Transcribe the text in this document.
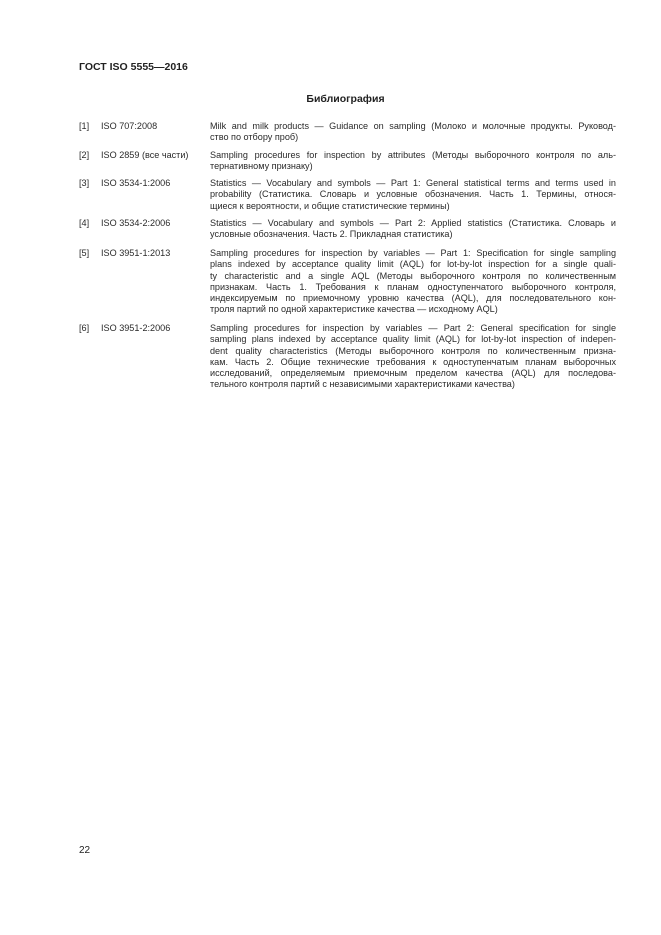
ГОСТ ISO 5555—2016
Библиография
[1] ISO 707:2008	Milk and milk products — Guidance on sampling (Молоко и молочные продукты. Руковод-
ство по отбору проб)
[2] ISO 2859 (все части) Sampling procedures for inspection by attributes (Методы выборочного контроля по аль-
тернативному признаку)
[3] ISO 3534-1:2006	Statistics — Vocabulary and symbols — Part 1: General statistical terms and terms used in
probability (Статистика. Словарь и условные обозначения. Часть 1. Термины, относя-
щиеся к вероятности, и общие статистические термины)
[4] ISO 3534-2:2006	Statistics — Vocabulary and symbols — Part 2: Applied statistics (Статистика. Словарь и
условные обозначения. Часть 2. Прикладная статистика)
[5] ISO 3951-1:2013	Sampling procedures for inspection by variables — Part 1: Specification for single sampling
plans indexed by acceptance quality limit (AQL) for lot-by-lot inspection for a single quali-
ty characteristic and a single AQL (Методы выборочного контроля по количественным
признакам. Часть 1. Требования к планам одноступенчатого выборочного контроля,
индексируемым по приемочному уровню качества (AQL), для последовательного кон-
троля партий по одной характеристике качества — исходному AQL)
[6] ISO 3951-2:2006	Sampling procedures for inspection by variables — Part 2: General specification for single
sampling plans indexed by acceptance quality limit (AQL) for lot-by-lot inspection of indepen-
dent quality characteristics (Методы выборочного контроля по количественным призна-
кам. Часть 2. Общие технические требования к одноступенчатым планам выборочных
исследований, определяемым приемочным пределом качества (AQL) для последова-
тельного контроля партий с независимыми характеристиками качества)
22
